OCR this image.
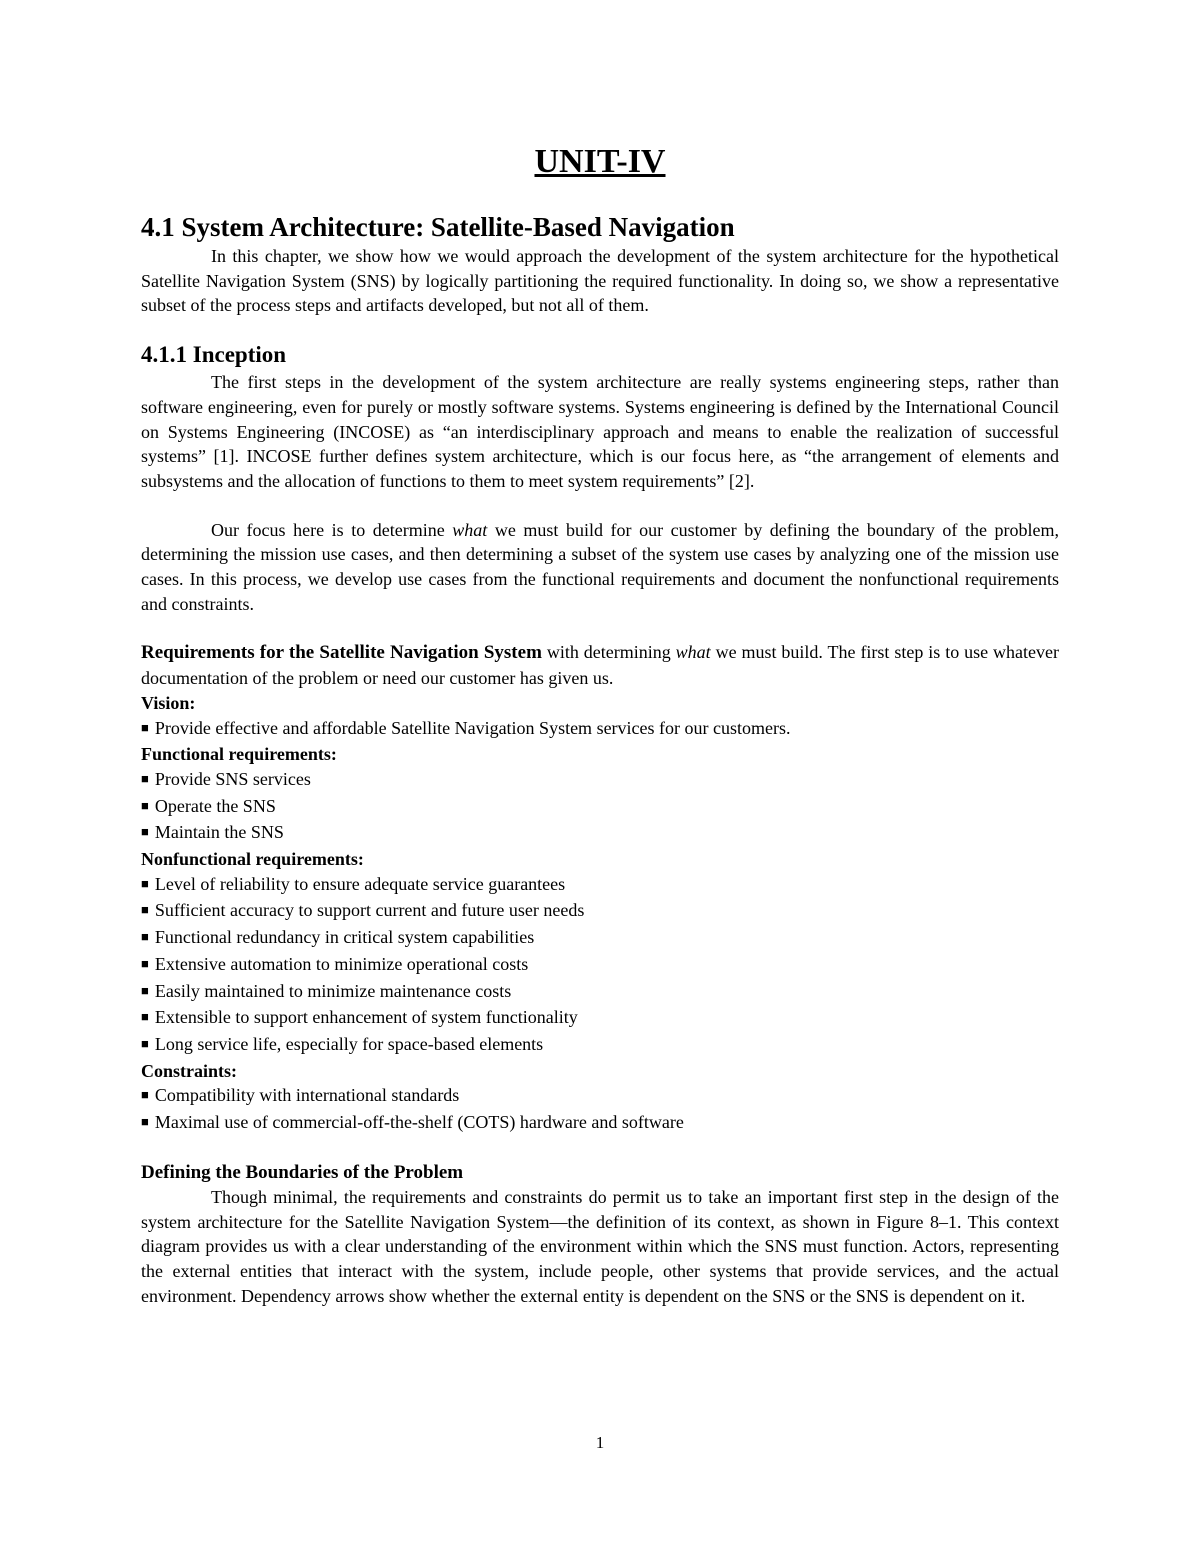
UNIT-IV
4.1 System Architecture: Satellite-Based Navigation

In this chapter, we show how we would approach the development of the system architecture for the hypothetical Satellite Navigation System (SNS) by logically partitioning the required functionality. In doing so, we show a representative subset of the process steps and artifacts developed, but not all of them.

4.1.1 Inception

The first steps in the development of the system architecture are really systems engineering steps, rather than software engineering, even for purely or mostly software systems. Systems engineering is defined by the International Council on Systems Engineering (INCOSE) as “an interdisciplinary approach and means to enable the realization of successful systems” [1]. INCOSE further defines system architecture, which is our focus here, as “the arrangement of elements and subsystems and the allocation of functions to them to meet system requirements” [2].

Our focus here is to determine what we must build for our customer by defining the boundary of the problem, determining the mission use cases, and then determining a subset of the system use cases by analyzing one of the mission use cases. In this process, we develop use cases from the functional requirements and document the nonfunctional requirements and constraints.

Requirements for the Satellite Navigation System with determining what we must build. The first step is to use whatever documentation of the problem or need our customer has given us.

Vision:

■ Provide effective and affordable Satellite Navigation System services for our customers.

Functional requirements:

■ Provide SNS services
■ Operate the SNS
■ Maintain the SNS

Nonfunctional requirements:

■ Level of reliability to ensure adequate service guarantees
■ Sufficient accuracy to support current and future user needs
■ Functional redundancy in critical system capabilities
■ Extensive automation to minimize operational costs
■ Easily maintained to minimize maintenance costs
■ Extensible to support enhancement of system functionality
■ Long service life, especially for space-based elements

Constraints:

■ Compatibility with international standards
■ Maximal use of commercial-off-the-shelf (COTS) hardware and software
Defining the Boundaries of the Problem

Though minimal, the requirements and constraints do permit us to take an important first step in the design of the system architecture for the Satellite Navigation System—the definition of its context, as shown in Figure 8–1. This context diagram provides us with a clear understanding of the environment within which the SNS must function. Actors, representing the external entities that interact with the system, include people, other systems that provide services, and the actual environment. Dependency arrows show whether the external entity is dependent on the SNS or the SNS is dependent on it.

1
